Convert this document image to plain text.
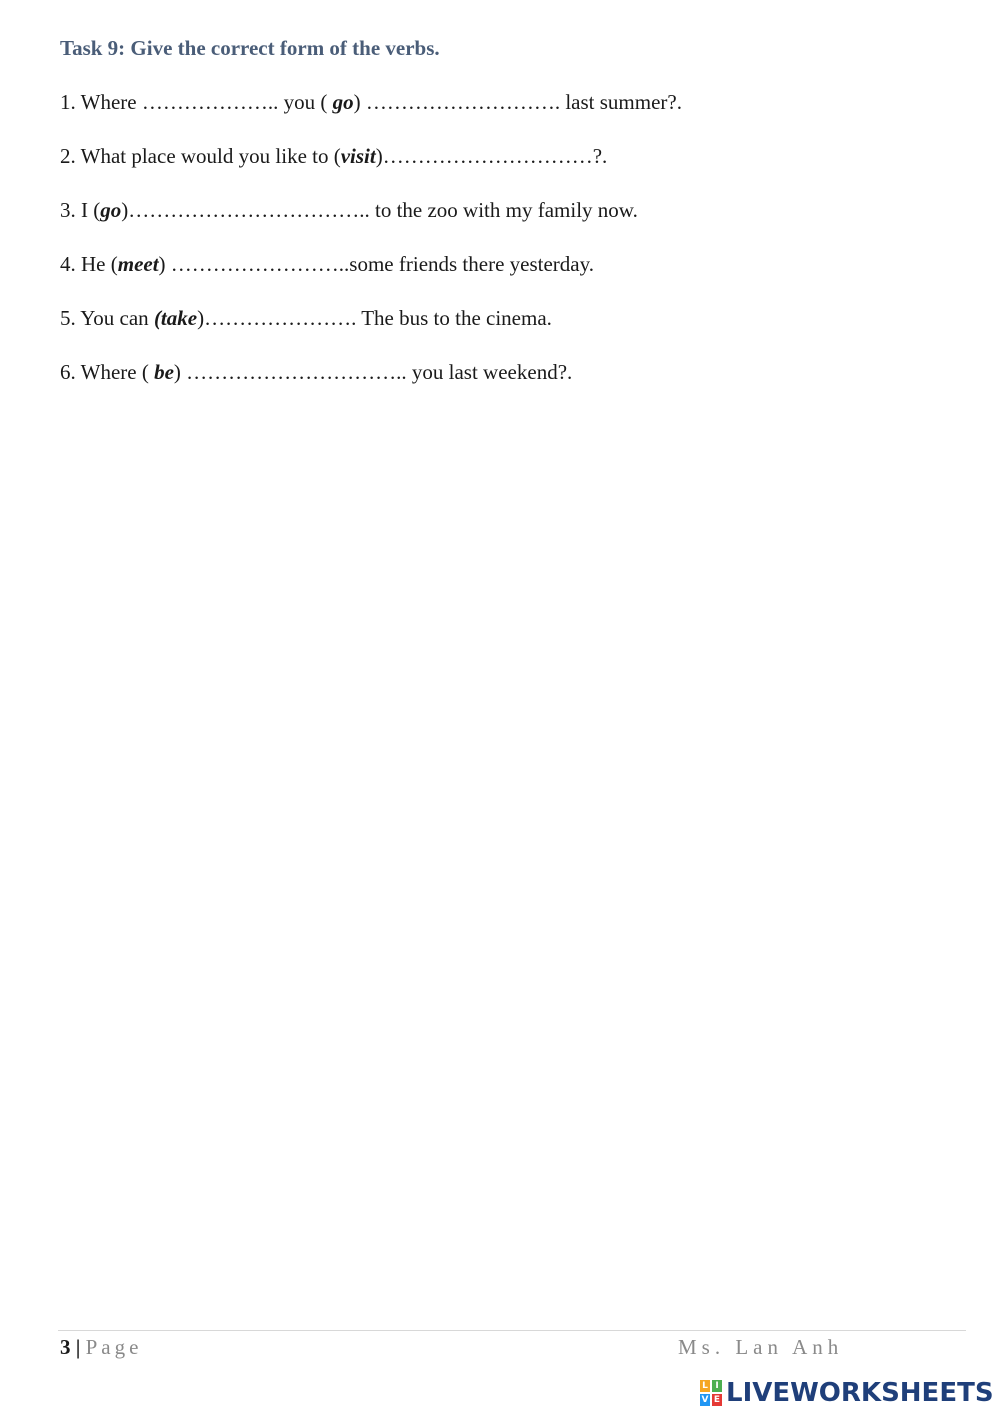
Task 9: Give the correct form of the verbs.
1. Where ……………….. you ( go) ………………………. last summer?.
2. What place would you like to (visit)…………………………?.
3. I (go)…………………………….. to the zoo with my family now.
4. He (meet) ……………………..some friends there yesterday.
5. You can (take)…………………. The bus to the cinema.
6. Where ( be) ………………………….. you last weekend?.
3 | Page	Ms. Lan Anh
L I
V E LIVEWORKSHEETS
